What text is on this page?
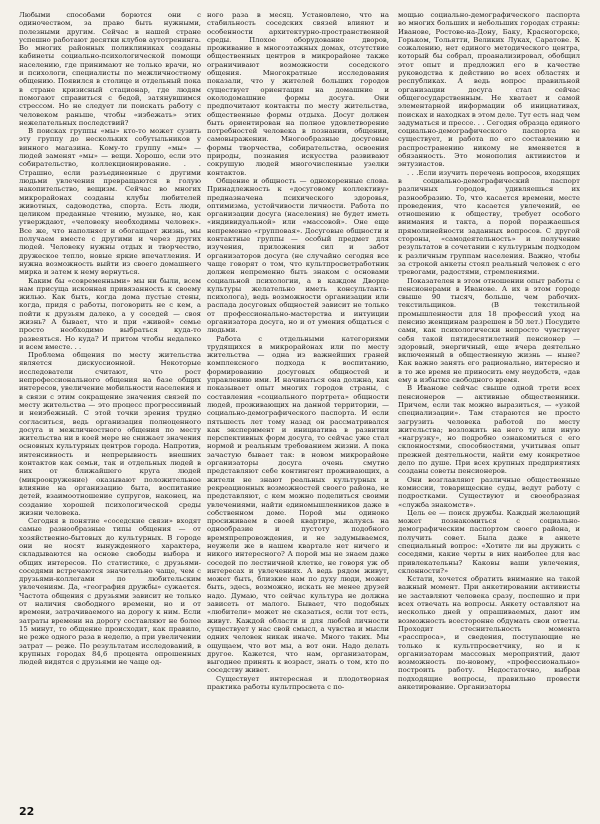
Любыми способами борются они с одиночеством, за право быть нужными, полезными другим. Сейчас в нашей стране успешно работают десятки клубов аутотренинга. Во многих районных поликлиниках созданы кабинеты социально-психологической помощи населению, где принимают не только врачи, но и психологи, специалисты по межличностному общению. Появился в столице и отдельный пока в стране кризисный стационар, где людям помогают справиться с бедой, затянувшимся стрессом. Но не следует ли поискать работу с человеком раньше, чтобы «избежать» этих нежелательных последствий?

В поисках группы «мы» кто-то может сузить эту группу до нескольких собутыльников у винного магазина. Кому-то группу «мы» — людей заменят «мы» — вещи. Хорошо, если это собирательство, коллекционирование. . . Страшно, если разъединенные с другими людьми увлечения превращаются в голую накопительство, вещизм. Сейчас во многих микрорайонах созданы клубы любителей животных, садоводства, спорта. Есть люди, целиком преданные чтению, музыке, но, как утверждают, «человеку необходимы человек». Все же, что наполняет и обогащает жизнь, мы получаем вместе с другими и через других людей. Человеку нужны отдых и творчество, дружеское тепло, новые яркие впечатления. И нужна возможность выйти из своего домашнего мирка и затем к нему вернуться.

Каким бы «современными» мы ни были, всем нам присуща исконная привязанность к своему жилью. Как быть, когда дома пустые стены, когда, придя с работы, поговорить не с кем, а пойти к друзьям далеко, а у соседей — своя жизнь? А бывает, что и при «живой» семье просто необходимо выбраться куда-то развеяться. Но куда? И притом чтобы недалеко и всем вместе. . .

Проблема общения по месту жительства является дискуссионной. Некоторые исследователи считают, что рост непрофессионального общения на базе общих интересов, увеличение мобильности населения и в связи с этим сокращение значения связей по месту жительства — это процесс прогрессивный и неизбежный. С этой точки зрения трудно согласиться, ведь организация полноценного досуга и межличностного общения по месту жительства ни в коей мере не снижает значения основных культурных центров города. Напротив, интенсивность и непрерывность внешних контактов как семьи, так и отдельных людей в них от ближайшего круга людей (микроокружение) оказывают положительное влияние на организацию быта, воспитание детей, взаимоотношение супругов, наконец, на создание хорошей психологической среды жизни человека.

Сегодня в понятие «соседские связи» входят самые разнообразные типы общения — от хозяйственно-бытовых до культурных. В городе они не носят вынужденного характера, складываются на основе свободы выбора и общих интересов. По статистике, с друзьями-соседями встречаются значительно чаще, чем с друзьями-коллегами по любительским увлечениям. Да, «география дружбы» сужается. Частота общения с друзьями зависит не только от наличия свободного времени, но и от времени, затрачиваемого на дорогу к ним. Если затраты времени на дорогу составляют не более 15 минут, то общение происходит, как правило, не реже одного раза в неделю, а при увеличении затрат — реже. По результатам исследований, в крупных городах 84,6 процента опрошенных людей видятся с друзьями не чаще од-

ного раза в месяц. Установлено, что на стабильность соседских связей влияют и особенности архитектурно-пространственной среды. Плохое оборудование дворов, проживание в многоэтажных домах, отсутствие общественных центров в микрорайоне также ограничивают возможности соседского общения. Многократные исследования показали, что у жителей больших городов существует ориентация на домашние и околодомашние формы досуга. Они предпочитают контакты по месту жительства, общественные формы отдыха. Досуг должен быть ориентирован на полное удовлетворение потребностей человека в познании, общении, самовыражении. Многообразные досуговые формы творчества, собирательства, освоения природы, познания искусства развивают сокрушую людей многочисленные узелки контактов.

Общение и общность — однокоренные слова. Принадлежность к «досуговому коллективу» предназначена психического здоровья, оптимизма, устойчивости личности. Работа по организации досуга (населения) не будет иметь «индивидуальной» или «массовой». Оне еще непременно «групповая». Досуговые общности и контактные группы — особый предмет для изучения, приложения сил и забот организаторов досуга (не случайно сегодня все чаще говорят о том, что культпросветработник должен непременно быть знаком с основами социальной психологии, а в каждом Дворце культуры желательно иметь консультанта-психолога), ведь возможности организации или распада досуговых общностей зависит не только от профессионально-мастерства и интуиции организатора досуга, но и от умения общаться с людьми.

Работа с отдельными категориями трудящихся в микрорайонах или по месту жительства — одна из важнейших граней комплексного подхода к воспитанию, формированию досуговых общностей и управлению ими. И начинаться она должна, как показывает опыт многих городов страны, с составления «социального портрета» общности людей, проживающих на данной территории, — социально-демографического паспорта. И если пятьшесть лет тому назад он рассматривался как эксперимент и инициатива в развитии перспективных форм досуга, то сейчас уже стал нормой и реальным требованием жизни. А пока зачастую бывает так: в новом микрорайоне организаторы досуга очень смутно представляют себе контингент проживающих, а жители не знают реальных культурных и рекреационных возможностей своего района, не представляют, с кем можно поделиться своими увлечениями, найти единомышленников даже в собственном доме. Порой мы одиноко просиживаем в своей квартире, жалуясь на однообразие и пустоту подобного времяпрепровождения, и не задумываемся, неужели же в нашем квартале нет ничего и никого интересного? А порой мы не знаем даже соседей по лестничной клетке, не говоря уж об интересах и увлечениях. А ведь рядом живут, может быть, близкие нам по духу люди, может быть, здесь, возможно, искать не менее друзей надо. Думаю, что сейчас культура не должна зависеть от малого. Бывает, что подобных «любители» может не сказаться, если тот есть, живут. Каждой области и для любой личности существует у нас свой смысл, а чувства и мысли одних человек никак иначе. Много таких. Мы ощущаем, что вот мы, а вот они. Надо делать другое. Кажется, что нам, организаторам, выгоднее принять к возраст, знать о том, кто по соседству живет.

Существует интересная и плодотворная практика работы культпросвета с по-

мощью социально-демографического паспорта во многих больших и небольших городах страны: Иванове, Ростове-на-Дону, Баку, Красногорске, Горьком, Тольятти, Великих Луках, Саратове. К сожалению, нет единого методического центра, который бы собрал, проанализировал, обобщил этот опыт и предложил его в качестве руководства к действию во всех областях и республиках. А ведь вопрос правильной организации досуга стал сейчас общегосударственным. Не хватает и самой элементарной информации об инициативах, поисках и находках в этом деле. Тут есть над чем задуматься и прессе. . . Сегодня образца единого социально-демографического паспорта не существует, и работа по его составлению и распространению никому не вменяется в обязанность. Это монополия активистов и энтузиастов.

. . .Если изучить перечень вопросов, входящих в социально-демографический паспорт различных городов, удивляешься их разнообразию. То, что касается времени, месте проведения, что касается увлечений, ее отношению к обществу, требует особого внимания и такта, а порой поражаешься прямолинейности заданных вопросов. С другой стороны, «самодеятельность» и получение результатов в сочетании с культурным подходом к различным группам населения. Важно, чтобы за строкой анкеты стоял реальный человек с его тревогами, радостями, стремлениями.

Показателен в этом отношении опыт работы с пенсионерами в Иванове. А их в этом городе свыше 90 тысяч, больше, чем рабочих-текстильщиков. (В текстильной промышленности для 18 профессий уход на пенсию женщинам разрешен в 50 лет.) Посудите сами, как психологически непросто чувствует себя такой пятидесятилетний пенсионер — здоровый, энергичный, еще вчера деятельно включенный в общественную жизнь — ныне? Как важно занять его рационально, интересно и в то же время не приносить ему неудобств, «дав ему в избытке свободного время.

В Иванове сейчас свыше одной трети всех пенсионеров — активные общественники. Причем, если так можно выразиться, — «узкой специализации». Там стараются не просто загрузить человека работой по месту жительства; возложить на него ту или иную «нагрузку», но подробно ознакомиться с его склонностями, способностями, учитывая опыт прежней деятельности, найти ему конкретное дело по душе. При всех крупных предприятиях созданы советы пенсионеров.

Они возглавляют различные общественные комиссии, товарищеские суды, ведут работу с подростками. Существуют и своеобразная «служба знакомств».

Цель ее — поиск дружбы. Каждый желающий может познакомиться с социально-демографическим паспортом своего района, и получить совет. Была даже в анкете специальный вопрос: «Хотите ли вы дружить с соседями, какие черты в них наиболее для вас привлекательны? Каковы ваши увлечения, склонности?»

Кстати, хочется обратить внимание на такой важный момент. При анкетировании активисты не заставляют человека сразу, поспешно и при всех отвечать на вопросы. Анкету оставляют на несколько дней у опрашиваемых, дают им возможность всесторонне обдумать свои ответы. Проходит стеснительность момента «расспроса», и сведения, поступающие не только к культпросветчику, но и к организаторам массовых мероприятий, дают возможность по-новому, «профессионально» построить работу. Недостаточно, выбрав подходящие вопросы, правильно провести анкетирование. Организаторы

22
